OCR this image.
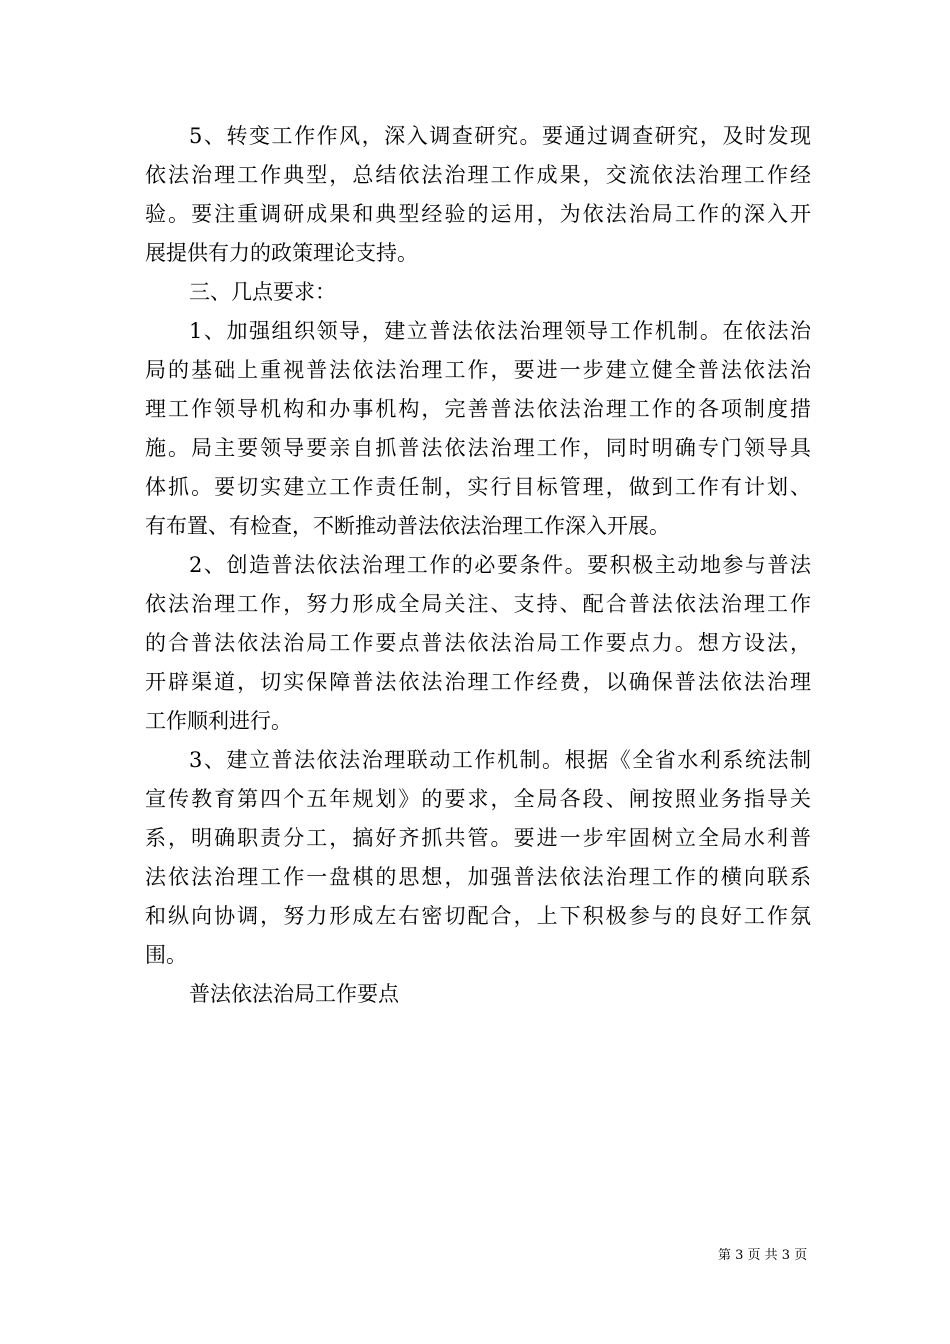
5、转变工作作风，深入调查研究。要通过调查研究，及时发现
依法治理工作典型，总结依法治理工作成果，交流依法治理工作经
验。要注重调研成果和典型经验的运用，为依法治局工作的深入开
展提供有力的政策理论支持。
三、几点要求：
1、加强组织领导，建立普法依法治理领导工作机制。在依法治
局的基础上重视普法依法治理工作，要进一步建立健全普法依法治
理工作领导机构和办事机构，完善普法依法治理工作的各项制度措
施。局主要领导要亲自抓普法依法治理工作，同时明确专门领导具
体抓。要切实建立工作责任制，实行目标管理，做到工作有计划、
有布置、有检查，不断推动普法依法治理工作深入开展。
2、创造普法依法治理工作的必要条件。要积极主动地参与普法
依法治理工作，努力形成全局关注、支持、配合普法依法治理工作
的合普法依法治局工作要点普法依法治局工作要点力。想方设法，
开辟渠道，切实保障普法依法治理工作经费，以确保普法依法治理
工作顺利进行。
3、建立普法依法治理联动工作机制。根据《全省水利系统法制
宣传教育第四个五年规划》的要求，全局各段、闸按照业务指导关
系，明确职责分工，搞好齐抓共管。要进一步牢固树立全局水利普
法依法治理工作一盘棋的思想，加强普法依法治理工作的横向联系
和纵向协调，努力形成左右密切配合，上下积极参与的良好工作氛
围。
普法依法治局工作要点
第 3 页 共 3 页
